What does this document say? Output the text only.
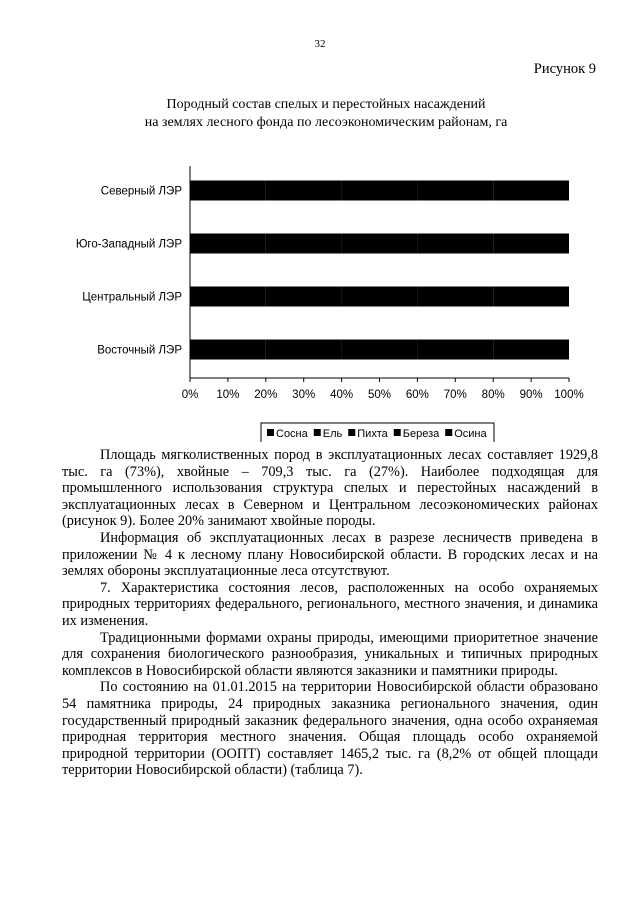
32
Рисунок 9
Породный состав спелых и перестойных насаждений
на землях лесного фонда по лесоэкономическим районам, га
Северный ЛЭР
Юго-Западный ЛЭР
Центральный ЛЭР
Восточный ЛЭР
0% 10% 20% 30% 40% 50% 60% 70% 80% 90% 100%
Сосна Ель Пихта Береза Осина

Площадь мягколиственных пород в эксплуатационных лесах составляет 1929,8 тыс. га (73%), хвойные – 709,3 тыс. га (27%). Наиболее подходящая для промышленного использования структура спелых и перестойных насаждений в эксплуатационных лесах в Северном и Центральном лесоэкономических районах (рисунок 9). Более 20% занимают хвойные породы.

Информация об эксплуатационных лесах в разрезе лесничеств приведена в приложении № 4 к лесному плану Новосибирской области. В городских лесах и на землях обороны эксплуатационные леса отсутствуют.

7. Характеристика состояния лесов, расположенных на особо охраняемых природных территориях федерального, регионального, местного значения, и динамика их изменения.

Традиционными формами охраны природы, имеющими приоритетное значение для сохранения биологического разнообразия, уникальных и типичных природных комплексов в Новосибирской области являются заказники и памятники природы.

По состоянию на 01.01.2015 на территории Новосибирской области образовано 54 памятника природы, 24 природных заказника регионального значения, один государственный природный заказник федерального значения, одна особо охраняемая природная территория местного значения. Общая площадь особо охраняемой природной территории (ООПТ) составляет 1465,2 тыс. га (8,2% от общей площади территории Новосибирской области) (таблица 7).
